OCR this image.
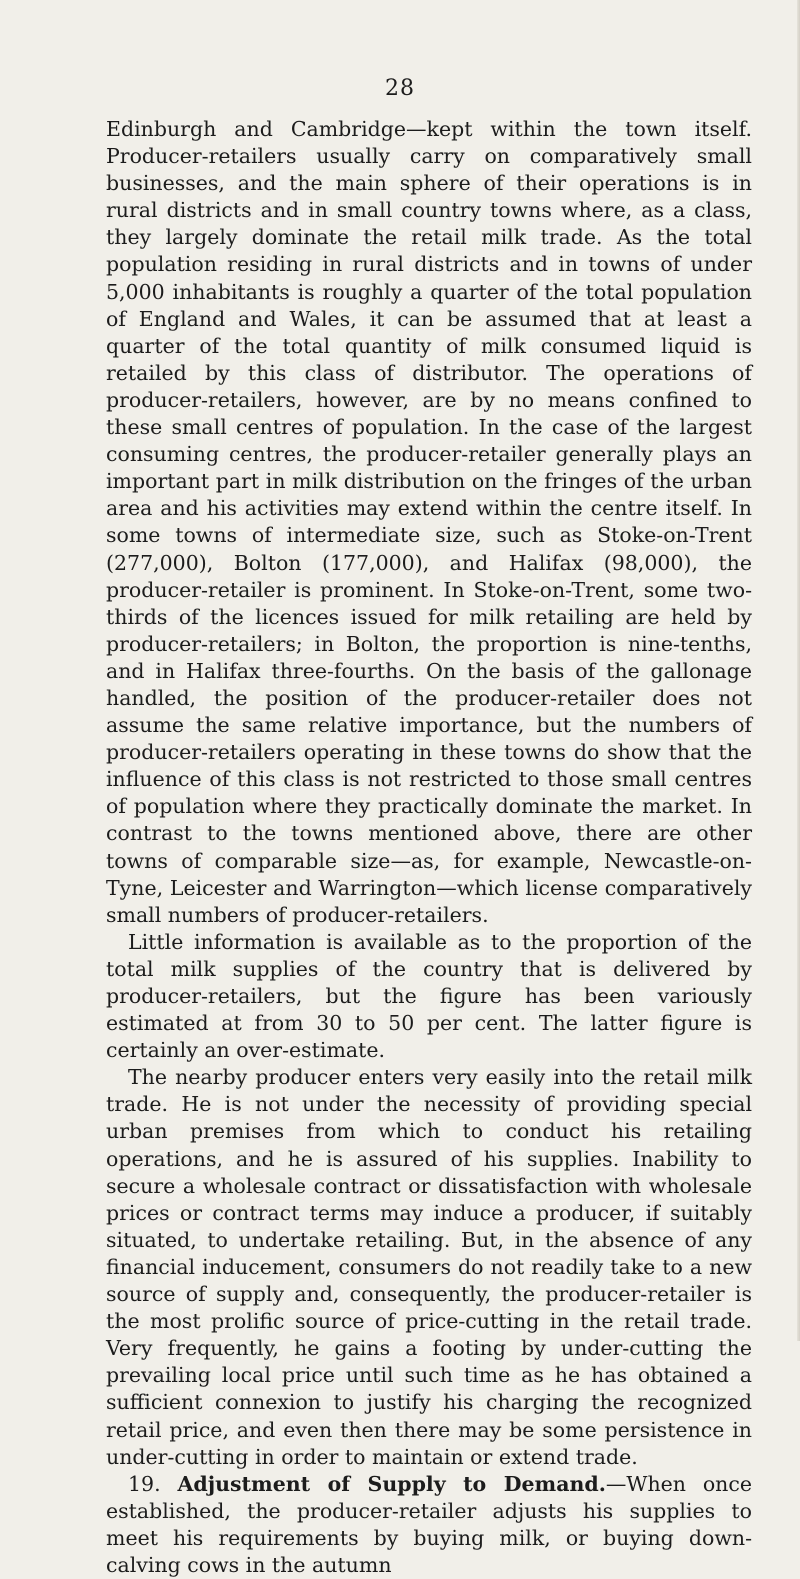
28

Edinburgh and Cambridge—kept within the town itself. Producer-retailers usually carry on comparatively small businesses, and the main sphere of their operations is in rural districts and in small country towns where, as a class, they largely dominate the retail milk trade. As the total population residing in rural districts and in towns of under 5,000 inhabitants is roughly a quarter of the total population of England and Wales, it can be assumed that at least a quarter of the total quantity of milk consumed liquid is retailed by this class of distributor. The operations of producer-retailers, however, are by no means confined to these small centres of population. In the case of the largest consuming centres, the producer-retailer generally plays an important part in milk distribution on the fringes of the urban area and his activities may extend within the centre itself. In some towns of intermediate size, such as Stoke-on-Trent (277,000), Bolton (177,000), and Halifax (98,000), the producer-retailer is prominent. In Stoke-on-Trent, some two-thirds of the licences issued for milk retailing are held by producer-retailers; in Bolton, the proportion is nine-tenths, and in Halifax three-fourths. On the basis of the gallonage handled, the position of the producer-retailer does not assume the same relative importance, but the numbers of producer-retailers operating in these towns do show that the influence of this class is not restricted to those small centres of population where they practically dominate the market. In contrast to the towns mentioned above, there are other towns of comparable size—as, for example, Newcastle-on-Tyne, Leicester and Warrington—which license comparatively small numbers of producer-retailers.

Little information is available as to the proportion of the total milk supplies of the country that is delivered by producer-retailers, but the figure has been variously estimated at from 30 to 50 per cent. The latter figure is certainly an over-estimate.

The nearby producer enters very easily into the retail milk trade. He is not under the necessity of providing special urban premises from which to conduct his retailing operations, and he is assured of his supplies. Inability to secure a wholesale contract or dissatisfaction with wholesale prices or contract terms may induce a producer, if suitably situated, to undertake retailing. But, in the absence of any financial inducement, consumers do not readily take to a new source of supply and, consequently, the producer-retailer is the most prolific source of price-cutting in the retail trade. Very frequently, he gains a footing by under-cutting the prevailing local price until such time as he has obtained a sufficient connexion to justify his charging the recognized retail price, and even then there may be some persistence in under-cutting in order to maintain or extend trade.

19. Adjustment of Supply to Demand.—When once established, the producer-retailer adjusts his supplies to meet his requirements by buying milk, or buying down-calving cows in the autumn
